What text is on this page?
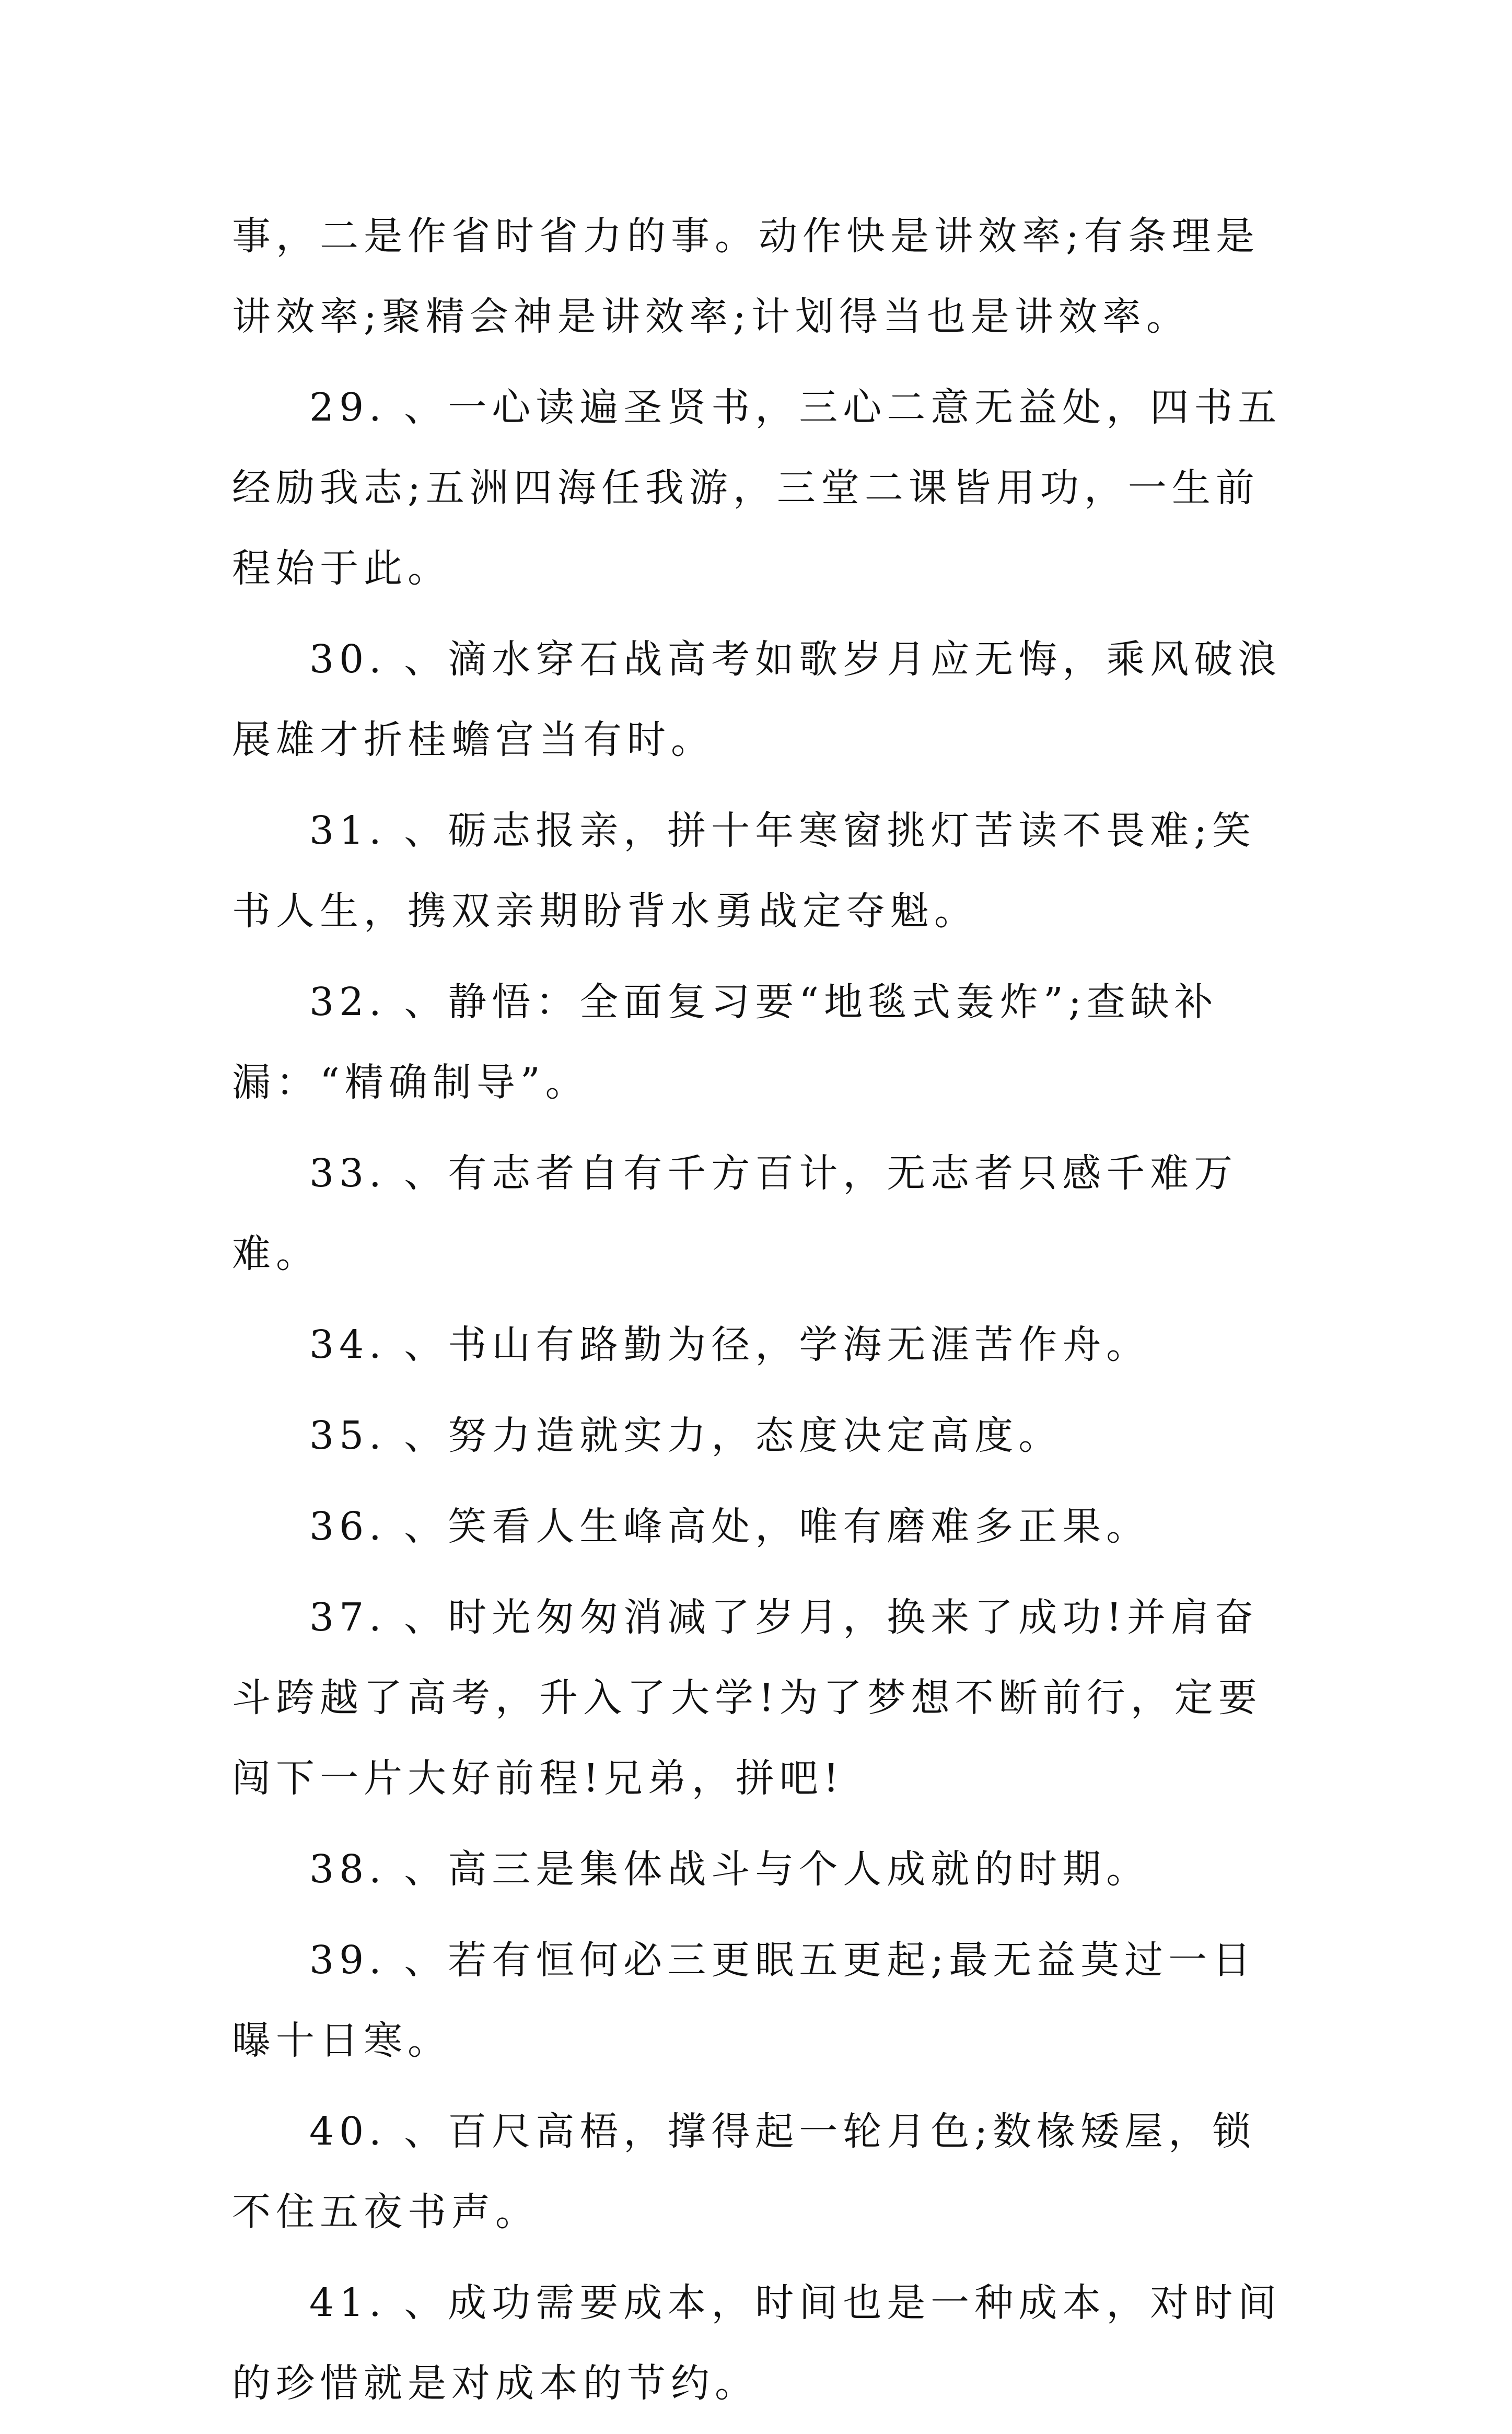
事，二是作省时省力的事。动作快是讲效率;有条理是讲效率;聚精会神是讲效率;计划得当也是讲效率。

29. 、一心读遍圣贤书，三心二意无益处，四书五经励我志;五洲四海任我游，三堂二课皆用功，一生前程始于此。

30. 、滴水穿石战高考如歌岁月应无悔，乘风破浪展雄才折桂蟾宫当有时。

31. 、砺志报亲，拼十年寒窗挑灯苦读不畏难;笑书人生，携双亲期盼背水勇战定夺魁。

32. 、静悟：全面复习要“地毯式轰炸”;查缺补漏：“精确制导”。

33. 、有志者自有千方百计，无志者只感千难万难。

34. 、书山有路勤为径，学海无涯苦作舟。

35. 、努力造就实力，态度决定高度。

36. 、笑看人生峰高处，唯有磨难多正果。

37. 、时光匆匆消减了岁月，换来了成功!并肩奋斗跨越了高考，升入了大学!为了梦想不断前行，定要闯下一片大好前程!兄弟，拼吧!

38. 、高三是集体战斗与个人成就的时期。

39. 、若有恒何必三更眠五更起;最无益莫过一日曝十日寒。

40. 、百尺高梧，撑得起一轮月色;数椽矮屋，锁不住五夜书声。

41. 、成功需要成本，时间也是一种成本，对时间的珍惜就是对成本的节约。
